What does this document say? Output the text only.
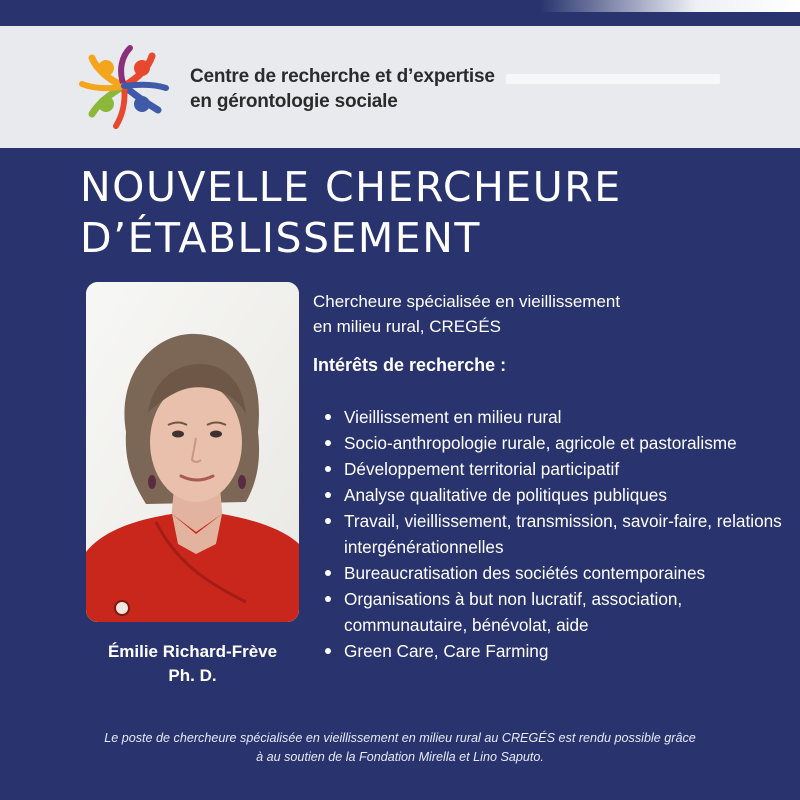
Centre de recherche et d’expertise
en gérontologie sociale
NOUVELLE CHERCHEURE
D’ÉTABLISSEMENT
Émilie Richard-Frève
Ph. D.
Chercheure spécialisée en vieillissement
en milieu rural, CREGÉS
Intérêts de recherche :
Vieillissement en milieu rural
Socio-anthropologie rurale, agricole et pastoralisme
Développement territorial participatif
Analyse qualitative de politiques publiques
Travail, vieillissement, transmission, savoir-faire, relations intergénérationnelles
Bureaucratisation des sociétés contemporaines
Organisations à but non lucratif, association, communautaire, bénévolat, aide
Green Care, Care Farming
Le poste de chercheure spécialisée en vieillissement en milieu rural au CREGÉS est rendu possible grâce
à au soutien de la Fondation Mirella et Lino Saputo.
